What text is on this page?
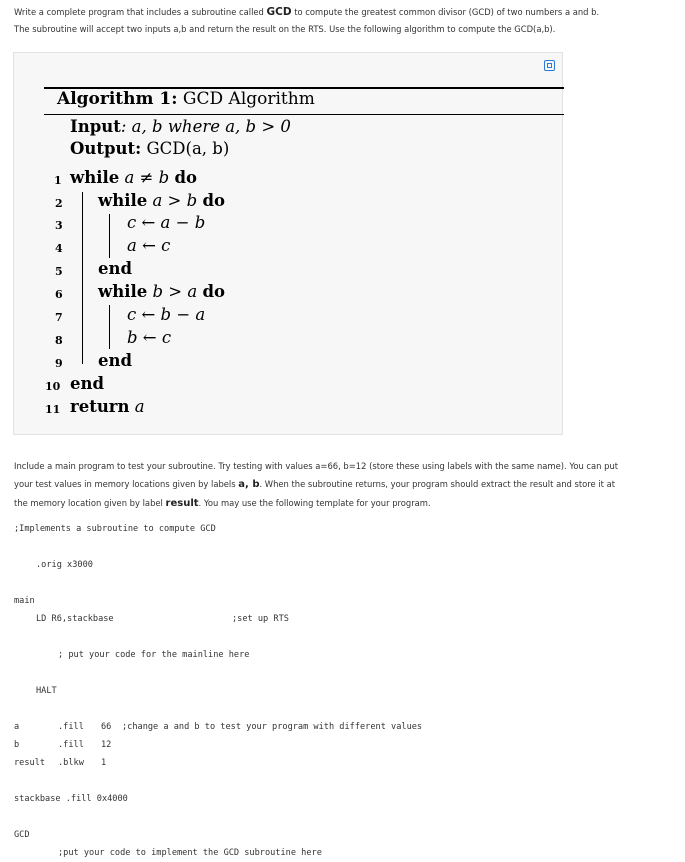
Write a complete program that includes a subroutine called GCD to compute the greatest common divisor (GCD) of two numbers a and b.
The subroutine will accept two inputs a,b and return the result on the RTS. Use the following algorithm to compute the GCD(a,b).
Algorithm 1: GCD Algorithm
Input: a, b where a, b > 0
Output: GCD(a, b)
1 while a ≠ b do
2 while a > b do
3	c ← a − b
4	a ← c
5 end
6 while b > a do
7	c ← b − a
8	b ← c
9 end
10 end
11 return a
Include a main program to test your subroutine. Try testing with values a=66, b=12 (store these using labels with the same name). You can put
your test values in memory locations given by labels a, b. When the subroutine returns, your program should extract the result and store it at
the memory location given by label result. You may use the following template for your program.
;Implements a subroutine to compute GCD
.orig x3000
main
LD R6,stackbase	;set up RTS
; put your code for the mainline here
HALT
a	.fill 66 ;change a and b to test your program with different values
b	.fill 12
result .blkw 1
stackbase .fill 0x4000
GCD
;put your code to implement the GCD subroutine here
